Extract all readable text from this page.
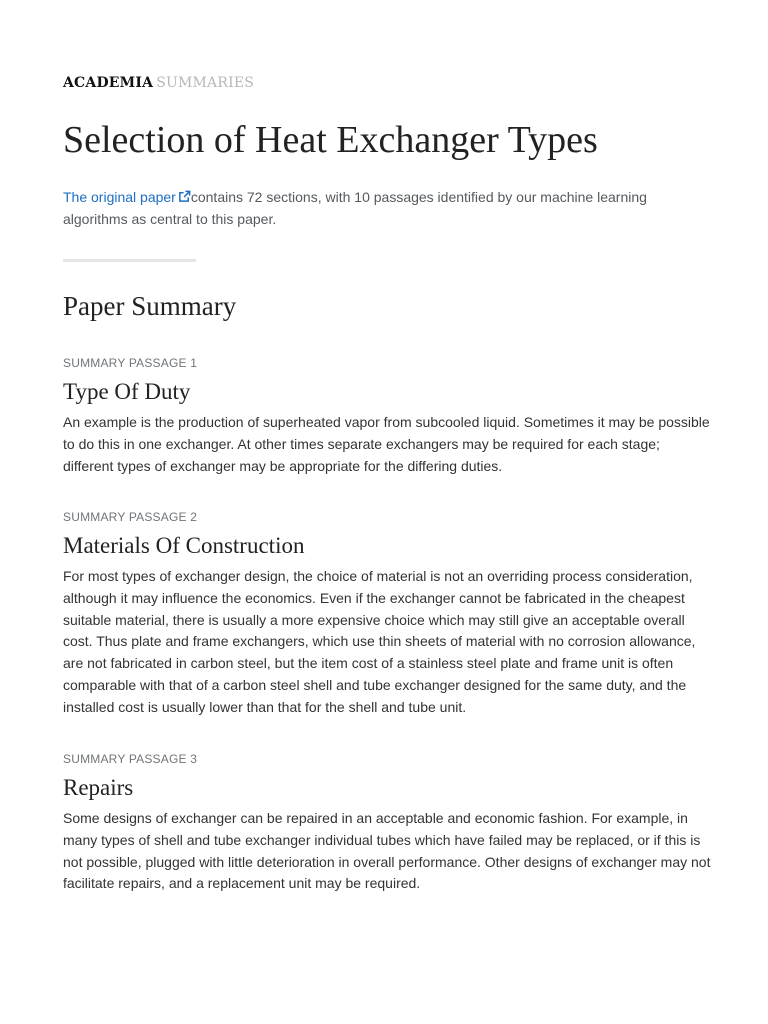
ACADEMIA SUMMARIES
Selection of Heat Exchanger Types
The original paper contains 72 sections, with 10 passages identified by our machine learning algorithms as central to this paper.
Paper Summary
SUMMARY PASSAGE 1
Type Of Duty

An example is the production of superheated vapor from subcooled liquid. Sometimes it may be possible to do this in one exchanger. At other times separate exchangers may be required for each stage; different types of exchanger may be appropriate for the differing duties.

SUMMARY PASSAGE 2
Materials Of Construction

For most types of exchanger design, the choice of material is not an overriding process consideration, although it may influence the economics. Even if the exchanger cannot be fabricated in the cheapest suitable material, there is usually a more expensive choice which may still give an acceptable overall cost. Thus plate and frame exchangers, which use thin sheets of material with no corrosion allowance, are not fabricated in carbon steel, but the item cost of a stainless steel plate and frame unit is often comparable with that of a carbon steel shell and tube exchanger designed for the same duty, and the installed cost is usually lower than that for the shell and tube unit.

SUMMARY PASSAGE 3
Repairs

Some designs of exchanger can be repaired in an acceptable and economic fashion. For example, in many types of shell and tube exchanger individual tubes which have failed may be replaced, or if this is not possible, plugged with little deterioration in overall performance. Other designs of exchanger may not facilitate repairs, and a replacement unit may be required.
